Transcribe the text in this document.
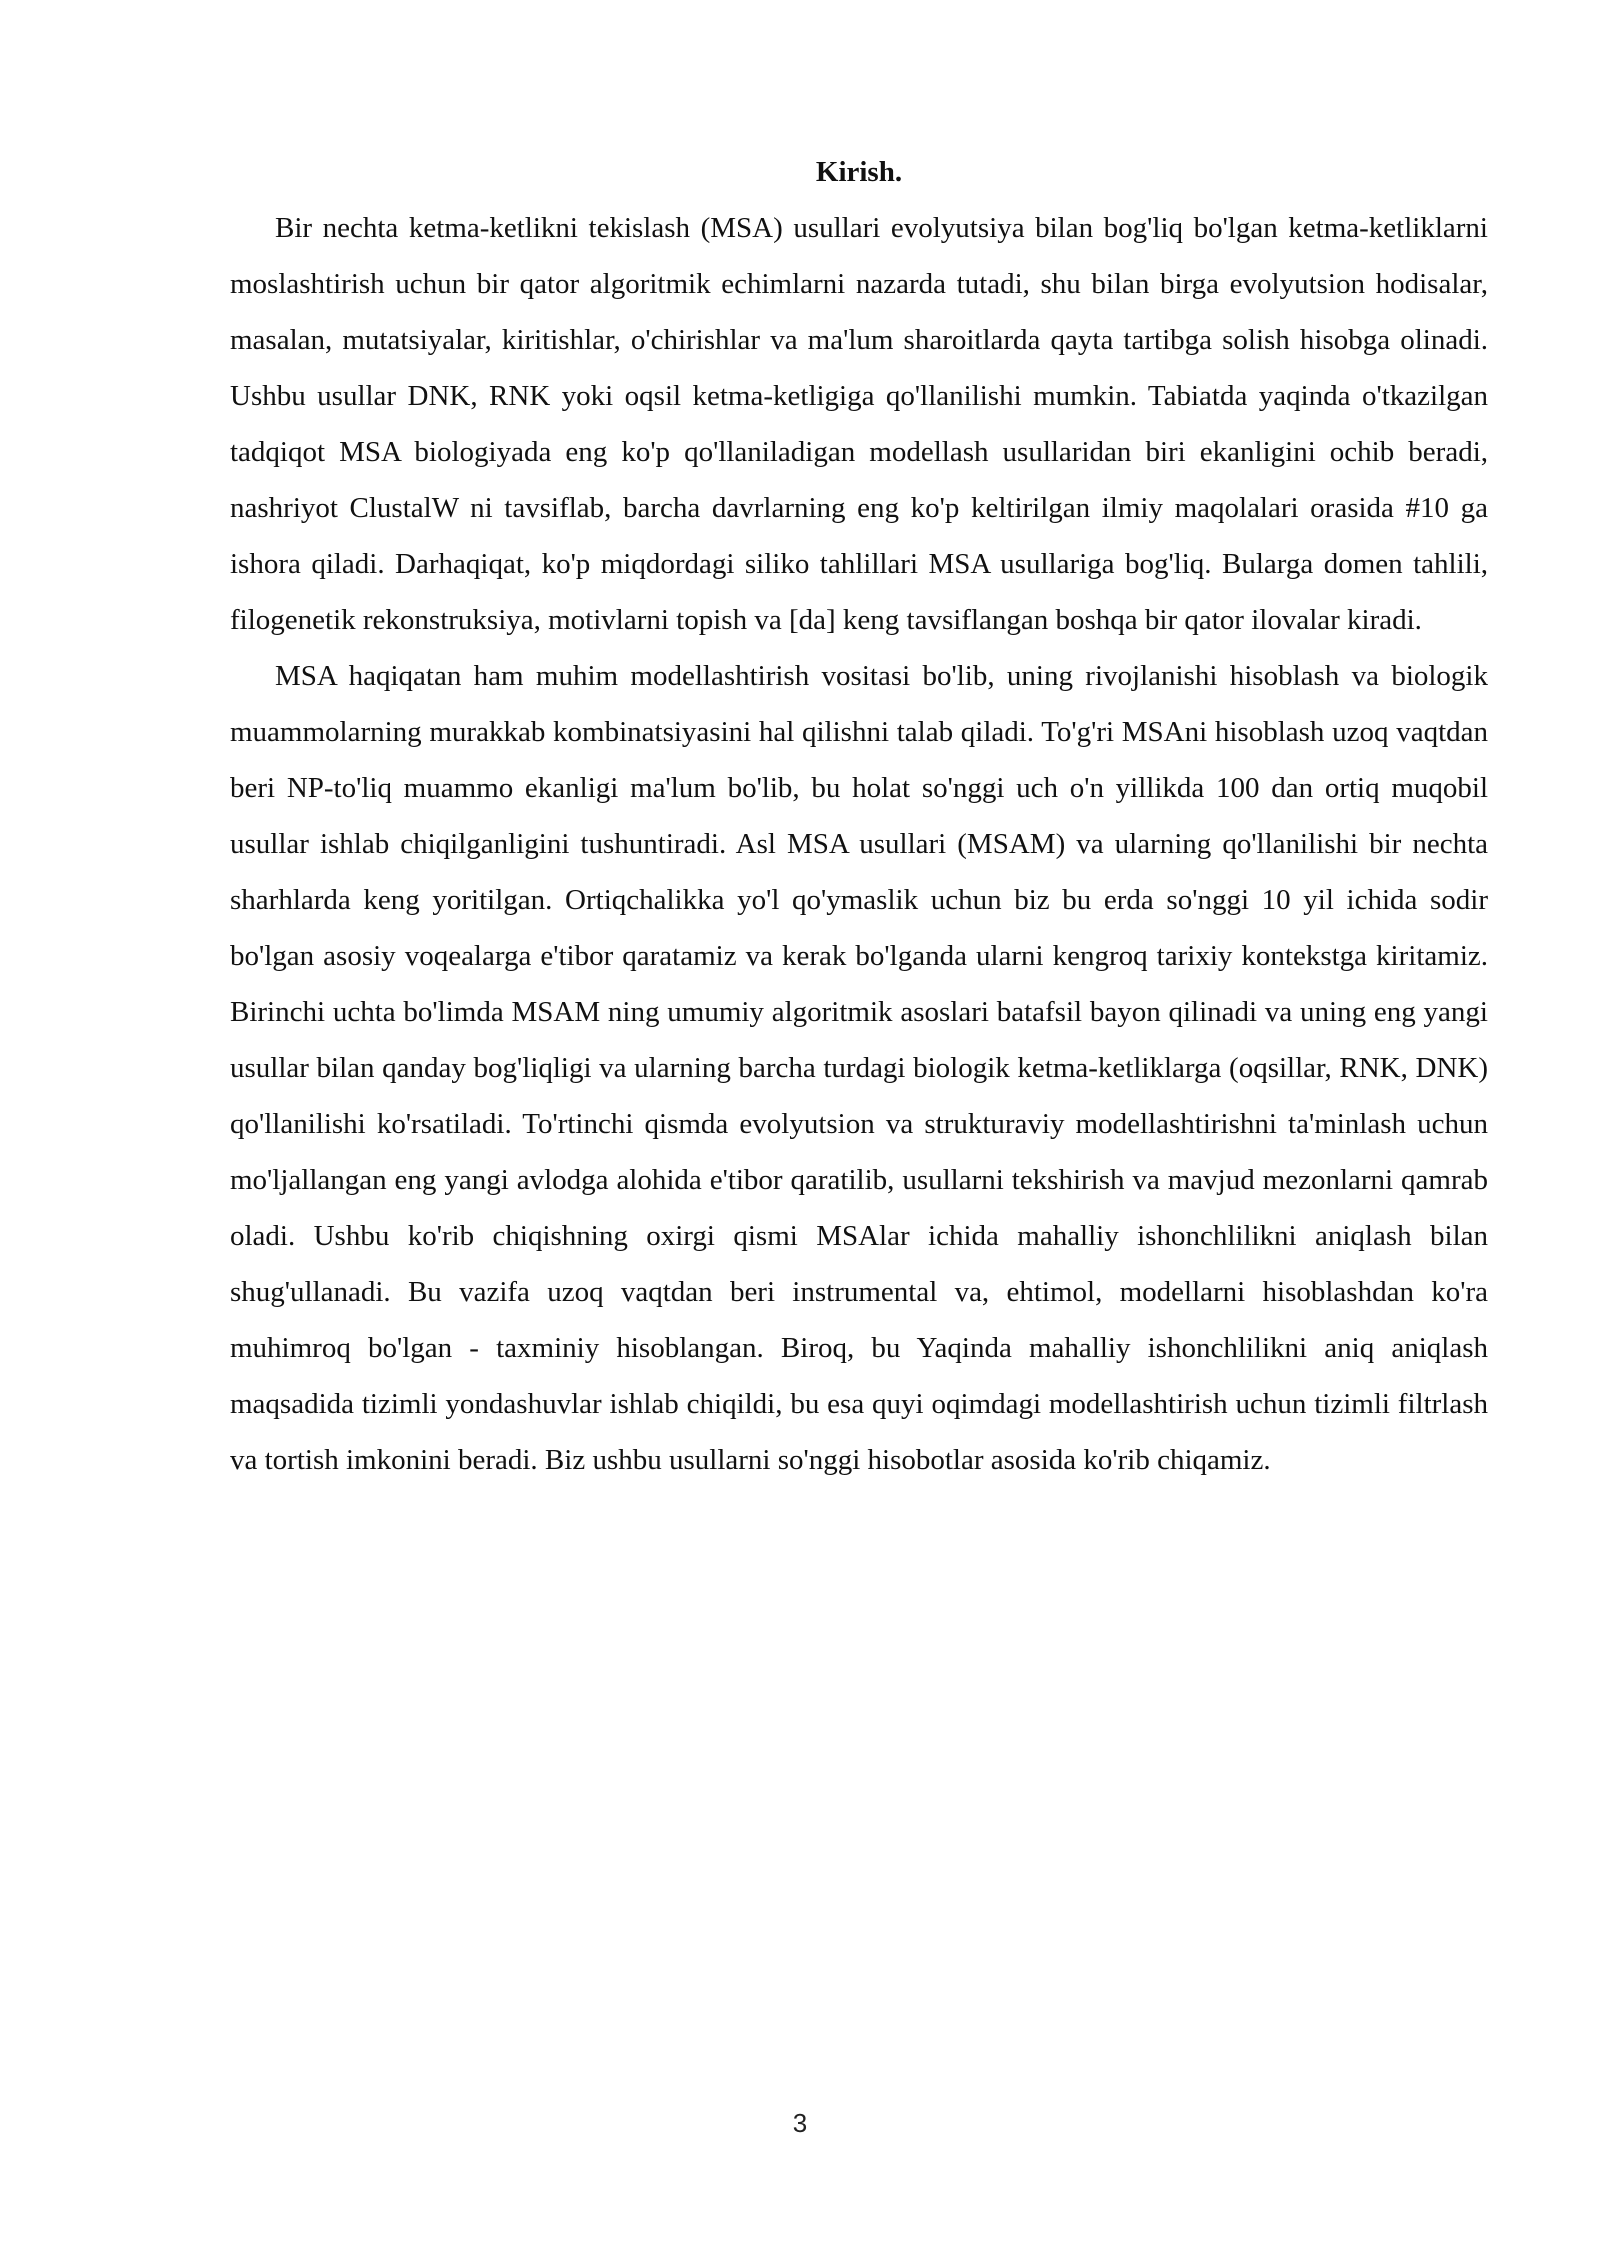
Kirish.

Bir nechta ketma-ketlikni tekislash (MSA) usullari evolyutsiya bilan bog'liq bo'lgan ketma-ketliklarni moslashtirish uchun bir qator algoritmik echimlarni nazarda tutadi, shu bilan birga evolyutsion hodisalar, masalan, mutatsiyalar, kiritishlar, o'chirishlar va ma'lum sharoitlarda qayta tartibga solish hisobga olinadi. Ushbu usullar DNK, RNK yoki oqsil ketma-ketligiga qo'llanilishi mumkin. Tabiatda yaqinda o'tkazilgan tadqiqot MSA biologiyada eng ko'p qo'llaniladigan modellash usullaridan biri ekanligini ochib beradi, nashriyot ClustalW ni tavsiflab, barcha davrlarning eng ko'p keltirilgan ilmiy maqolalari orasida #10 ga ishora qiladi. Darhaqiqat, ko'p miqdordagi siliko tahlillari MSA usullariga bog'liq. Bularga domen tahlili, filogenetik rekonstruksiya, motivlarni topish va [da] keng tavsiflangan boshqa bir qator ilovalar kiradi.

MSA haqiqatan ham muhim modellashtirish vositasi bo'lib, uning rivojlanishi hisoblash va biologik muammolarning murakkab kombinatsiyasini hal qilishni talab qiladi. To'g'ri MSAni hisoblash uzoq vaqtdan beri NP-to'liq muammo ekanligi ma'lum bo'lib, bu holat so'nggi uch o'n yillikda 100 dan ortiq muqobil usullar ishlab chiqilganligini tushuntiradi. Asl MSA usullari (MSAM) va ularning qo'llanilishi bir nechta sharhlarda keng yoritilgan. Ortiqchalikka yo'l qo'ymaslik uchun biz bu erda so'nggi 10 yil ichida sodir bo'lgan asosiy voqealarga e'tibor qaratamiz va kerak bo'lganda ularni kengroq tarixiy kontekstga kiritamiz. Birinchi uchta bo'limda MSAM ning umumiy algoritmik asoslari batafsil bayon qilinadi va uning eng yangi usullar bilan qanday bog'liqligi va ularning barcha turdagi biologik ketma-ketliklarga (oqsillar, RNK, DNK) qo'llanilishi ko'rsatiladi. To'rtinchi qismda evolyutsion va strukturaviy modellashtirishni ta'minlash uchun mo'ljallangan eng yangi avlodga alohida e'tibor qaratilib, usullarni tekshirish va mavjud mezonlarni qamrab oladi. Ushbu ko'rib chiqishning oxirgi qismi MSAlar ichida mahalliy ishonchlilikni aniqlash bilan shug'ullanadi. Bu vazifa uzoq vaqtdan beri instrumental va, ehtimol, modellarni hisoblashdan ko'ra muhimroq bo'lgan - taxminiy hisoblangan. Biroq, bu Yaqinda mahalliy ishonchlilikni aniq aniqlash maqsadida tizimli yondashuvlar ishlab chiqildi, bu esa quyi oqimdagi modellashtirish uchun tizimli filtrlash va tortish imkonini beradi. Biz ushbu usullarni so'nggi hisobotlar asosida ko'rib chiqamiz.

3
